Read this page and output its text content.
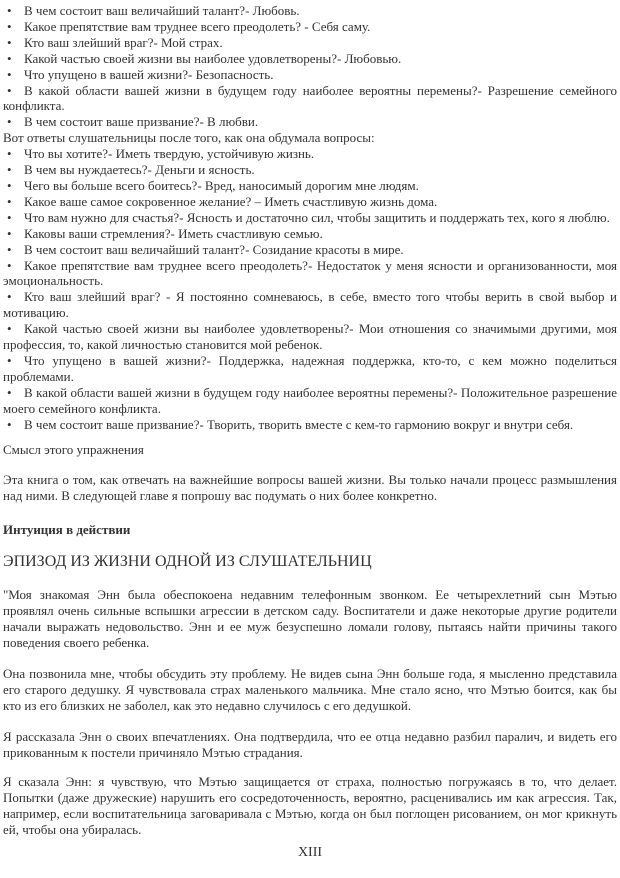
• В чем состоит ваш величайший талант?- Любовь.
• Какое препятствие вам труднее всего преодолеть? - Себя саму.
• Кто ваш злейший враг?- Мой страх.
• Какой частью своей жизни вы наиболее удовлетворены?- Любовью.
• Что упущено в вашей жизни?- Безопасность.
• В какой области вашей жизни в будущем году наиболее вероятны перемены?- Разрешение семейного конфликта.
• В чем состоит ваше призвание?- В любви.
Вот ответы слушательницы после того, как она обдумала вопросы:
• Что вы хотите?- Иметь твердую, устойчивую жизнь.
• В чем вы нуждаетесь?- Деньги и ясность.
• Чего вы больше всего боитесь?- Вред, наносимый дорогим мне людям.
• Какое ваше самое сокровенное желание? – Иметь счастливую жизнь дома.
• Что вам нужно для счастья?- Ясность и достаточно сил, чтобы защитить и поддержать тех, кого я люблю.
• Каковы ваши стремления?- Иметь счастливую семью.
• В чем состоит ваш величайший талант?- Созидание красоты в мире.
• Какое препятствие вам труднее всего преодолеть?- Недостаток у меня ясности и организованности, моя эмоциональность.
• Кто ваш злейший враг? - Я постоянно сомневаюсь, в себе, вместо того чтобы верить в свой выбор и мотивацию.
• Какой частью своей жизни вы наиболее удовлетворены?- Мои отношения со значимыми другими, моя профессия, то, какой личностью становится мой ребенок.
• Что упущено в вашей жизни?- Поддержка, надежная поддержка, кто-то, с кем можно поделиться проблемами.
• В какой области вашей жизни в будущем году наиболее вероятны перемены?- Положительное разрешение моего семейного конфликта.
• В чем состоит ваше призвание?- Творить, творить вместе с кем-то гармонию вокруг и внутри себя.
Смысл этого упражнения

Эта книга о том, как отвечать на важнейшие вопросы вашей жизни. Вы только начали процесс размышления над ними. В следующей главе я попрошу вас подумать о них более конкретно.

Интуиция в действии
ЭПИЗОД ИЗ ЖИЗНИ ОДНОЙ ИЗ СЛУШАТЕЛЬНИЦ

"Моя знакомая Энн была обеспокоена недавним телефонным звонком. Ее четырехлетний сын Мэтью проявлял очень сильные вспышки агрессии в детском саду. Воспитатели и даже некоторые другие родители начали выражать недовольство. Энн и ее муж безуспешно ломали голову, пытаясь найти причины такого поведения своего ребенка.

Она позвонила мне, чтобы обсудить эту проблему. Не видев сына Энн больше года, я мысленно представила его старого дедушку. Я чувствовала страх маленького мальчика. Мне стало ясно, что Мэтью боится, как бы кто из его близких не заболел, как это недавно случилось с его дедушкой.

Я рассказала Энн о своих впечатлениях. Она подтвердила, что ее отца недавно разбил паралич, и видеть его прикованным к постели причиняло Мэтью страдания.

Я сказала Энн: я чувствую, что Мэтью защищается от страха, полностью погружаясь в то, что делает. Попытки (даже дружеские) нарушить его сосредоточенность, вероятно, расценивались им как агрессия. Так, например, если воспитательница заговаривала с Мэтью, когда он был поглощен рисованием, он мог крикнуть ей, чтобы она убиралась.

XIII
